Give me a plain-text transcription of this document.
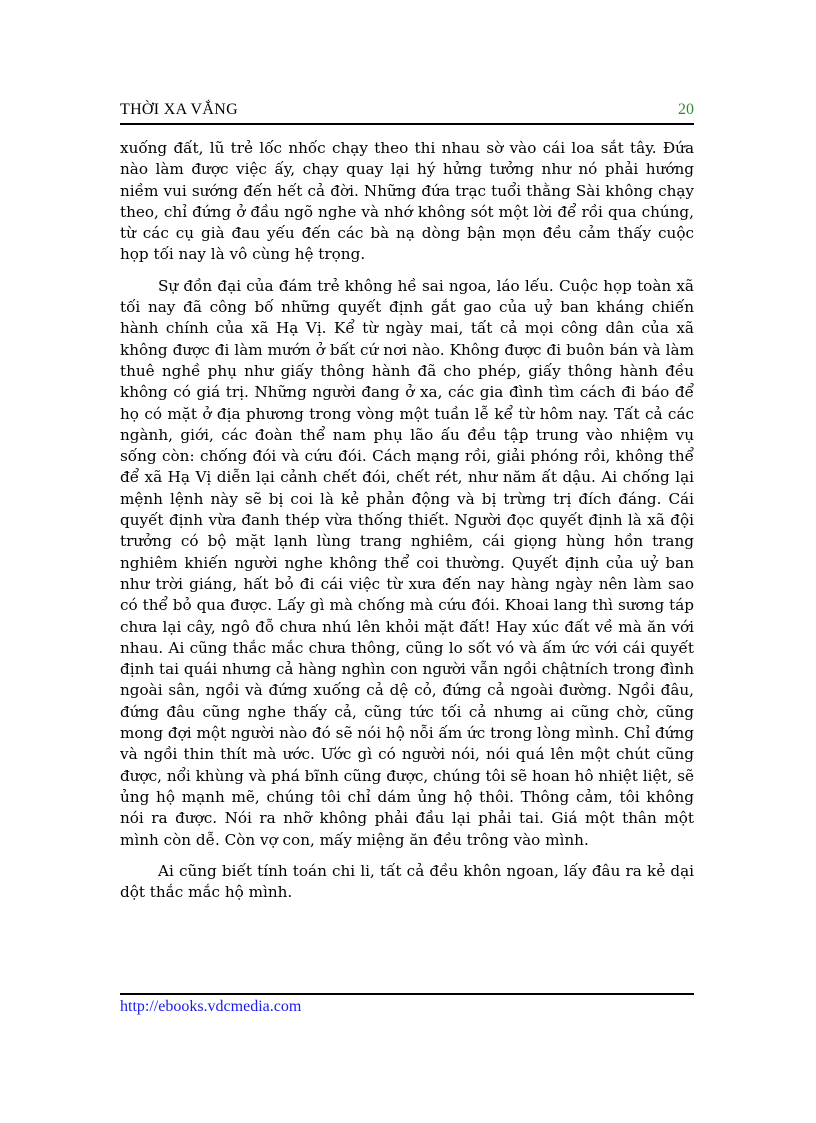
THỜI XA VẮNG	20

xuống đất, lũ trẻ lốc nhốc chạy theo thi nhau sờ vào cái loa sắt tây. Đứa nào làm được việc ấy, chạy quay lại hý hửng tưởng như nó phải hướng niềm vui sướng đến hết cả đời. Những đứa trạc tuổi thằng Sài không chạy theo, chỉ đứng ở đầu ngõ nghe và nhớ không sót một lời để rồi qua chúng, từ các cụ già đau yếu đến các bà nạ dòng bận mọn đều cảm thấy cuộc họp tối nay là vô cùng hệ trọng.

Sự đồn đại của đám trẻ không hề sai ngoa, láo lếu. Cuộc họp toàn xã tối nay đã công bố những quyết định gắt gao của uỷ ban kháng chiến hành chính của xã Hạ Vị. Kể từ ngày mai, tất cả mọi công dân của xã không được đi làm mướn ở bất cứ nơi nào. Không được đi buôn bán và làm thuê nghề phụ như giấy thông hành đã cho phép, giấy thông hành đều không có giá trị. Những người đang ở xa, các gia đình tìm cách đi báo để họ có mặt ở địa phương trong vòng một tuần lễ kể từ hôm nay. Tất cả các ngành, giới, các đoàn thể nam phụ lão ấu đều tập trung vào nhiệm vụ sống còn: chống đói và cứu đói. Cách mạng rồi, giải phóng rồi, không thể để xã Hạ Vị diễn lại cảnh chết đói, chết rét, như năm ất dậu. Ai chống lại mệnh lệnh này sẽ bị coi là kẻ phản động và bị trừng trị đích đáng. Cái quyết định vừa đanh thép vừa thống thiết. Người đọc quyết định là xã đội trưởng có bộ mặt lạnh lùng trang nghiêm, cái giọng hùng hồn trang nghiêm khiến người nghe không thể coi thường. Quyết định của uỷ ban như trời giáng, hất bỏ đi cái việc từ xưa đến nay hàng ngày nên làm sao có thể bỏ qua được. Lấy gì mà chống mà cứu đói. Khoai lang thì sương táp chưa lại cây, ngô đỗ chưa nhú lên khỏi mặt đất! Hay xúc đất về mà ăn với nhau. Ai cũng thắc mắc chưa thông, cũng lo sốt vó và ấm ức với cái quyết định tai quái nhưng cả hàng nghìn con người vẫn ngồi chậtních trong đình ngoài sân, ngồi và đứng xuống cả dệ cỏ, đứng cả ngoài đường. Ngồi đâu, đứng đâu cũng nghe thấy cả, cũng tức tối cả nhưng ai cũng chờ, cũng mong đợi một người nào đó sẽ nói hộ nỗi ấm ức trong lòng mình. Chỉ đứng và ngồi thin thít mà ước. Ước gì có người nói, nói quá lên một chút cũng được, nổi khùng và phá bĩnh cũng được, chúng tôi sẽ hoan hô nhiệt liệt, sẽ ủng hộ mạnh mẽ, chúng tôi chỉ dám ủng hộ thôi. Thông cảm, tôi không nói ra được. Nói ra nhỡ không phải đầu lại phải tai. Giá một thân một mình còn dễ. Còn vợ con, mấy miệng ăn đều trông vào mình.

Ai cũng biết tính toán chi li, tất cả đều khôn ngoan, lấy đâu ra kẻ dại dột thắc mắc hộ mình.

http://ebooks.vdcmedia.com
